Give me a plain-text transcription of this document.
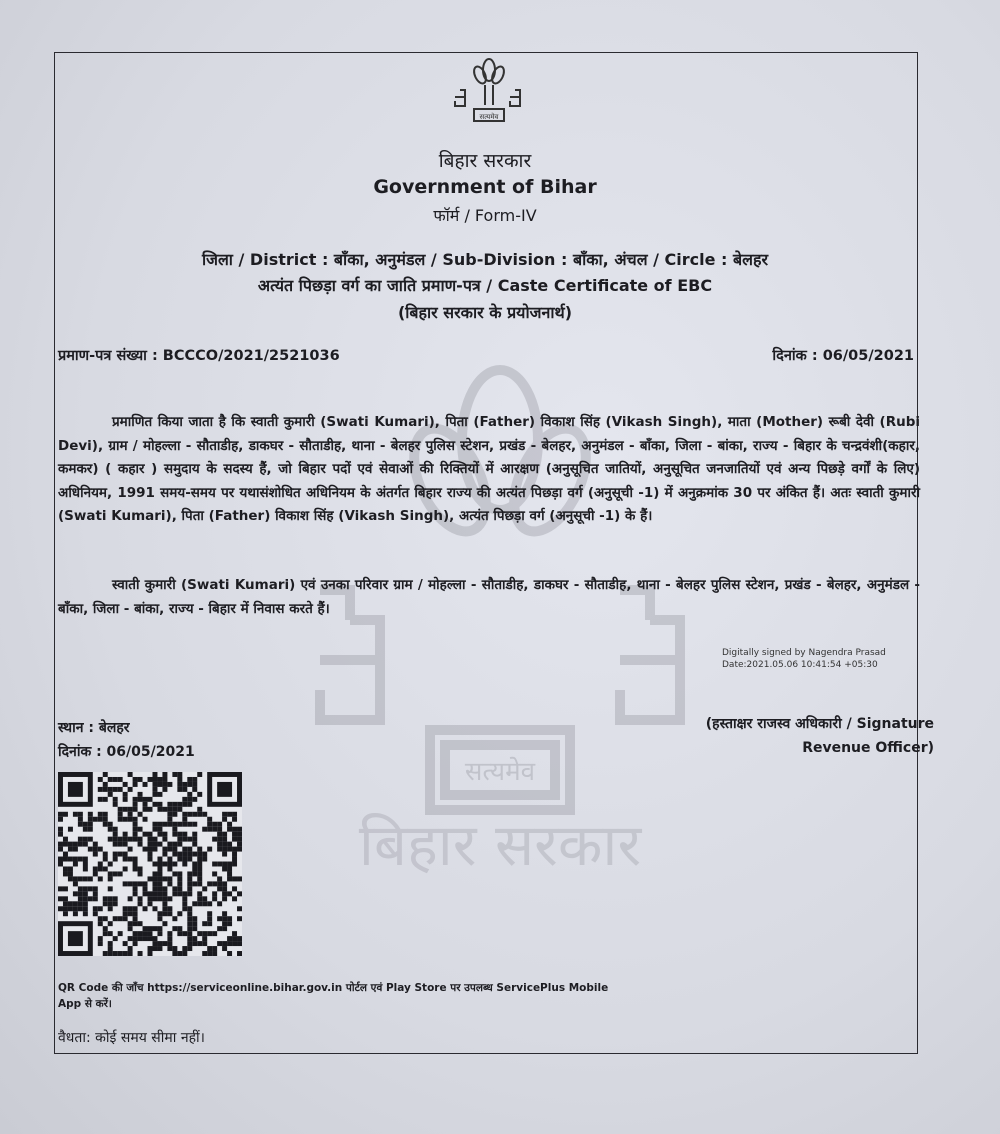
सत्यमेव
बिहार सरकार
सत्यमेव
बिहार सरकार
Government of Bihar
फॉर्म / Form-IV
जिला / District : बाँका, अनुमंडल / Sub-Division : बाँका, अंचल / Circle : बेलहर
अत्यंत पिछड़ा वर्ग का जाति प्रमाण-पत्र / Caste Certificate of EBC
(बिहार सरकार के प्रयोजनार्थ)
प्रमाण-पत्र संख्या : BCCCO/2021/2521036	दिनांक : 06/05/2021
प्रमाणित किया जाता है कि स्वाती कुमारी (Swati Kumari), पिता (Father) विकाश सिंह (Vikash Singh), माता (Mother) रूबी देवी (Rubi Devi), ग्राम / मोहल्ला - सौताडीह, डाकघर - सौताडीह, थाना - बेलहर पुलिस स्टेशन, प्रखंड - बेलहर, अनुमंडल - बाँका, जिला - बांका, राज्य - बिहार के चन्द्रवंशी(कहार, कमकर) ( कहार ) समुदाय के सदस्य हैं, जो बिहार पदों एवं सेवाओं की रिक्तियों में आरक्षण (अनुसूचित जातियों, अनुसूचित जनजातियों एवं अन्य पिछड़े वर्गों के लिए) अधिनियम, 1991 समय-समय पर यथासंशोधित अधिनियम के अंतर्गत बिहार राज्य की अत्यंत पिछड़ा वर्ग (अनुसूची -1) में अनुक्रमांक 30 पर अंकित हैं। अतः स्वाती कुमारी (Swati Kumari), पिता (Father) विकाश सिंह (Vikash Singh), अत्यंत पिछड़ा वर्ग (अनुसूची -1) के हैं।
स्वाती कुमारी (Swati Kumari) एवं उनका परिवार ग्राम / मोहल्ला - सौताडीह, डाकघर - सौताडीह, थाना - बेलहर पुलिस स्टेशन, प्रखंड - बेलहर, अनुमंडल - बाँका, जिला - बांका, राज्य - बिहार में निवास करते हैं।
Digitally signed by Nagendra Prasad
Date:2021.05.06 10:41:54 +05:30
स्थान : बेलहर
दिनांक : 06/05/2021
(हस्ताक्षर राजस्व अधिकारी / Signature
Revenue Officer)
QR Code की जाँच https://serviceonline.bihar.gov.in पोर्टल एवं Play Store पर उपलब्ध ServicePlus Mobile App से करें।
वैधता: कोई समय सीमा नहीं।
